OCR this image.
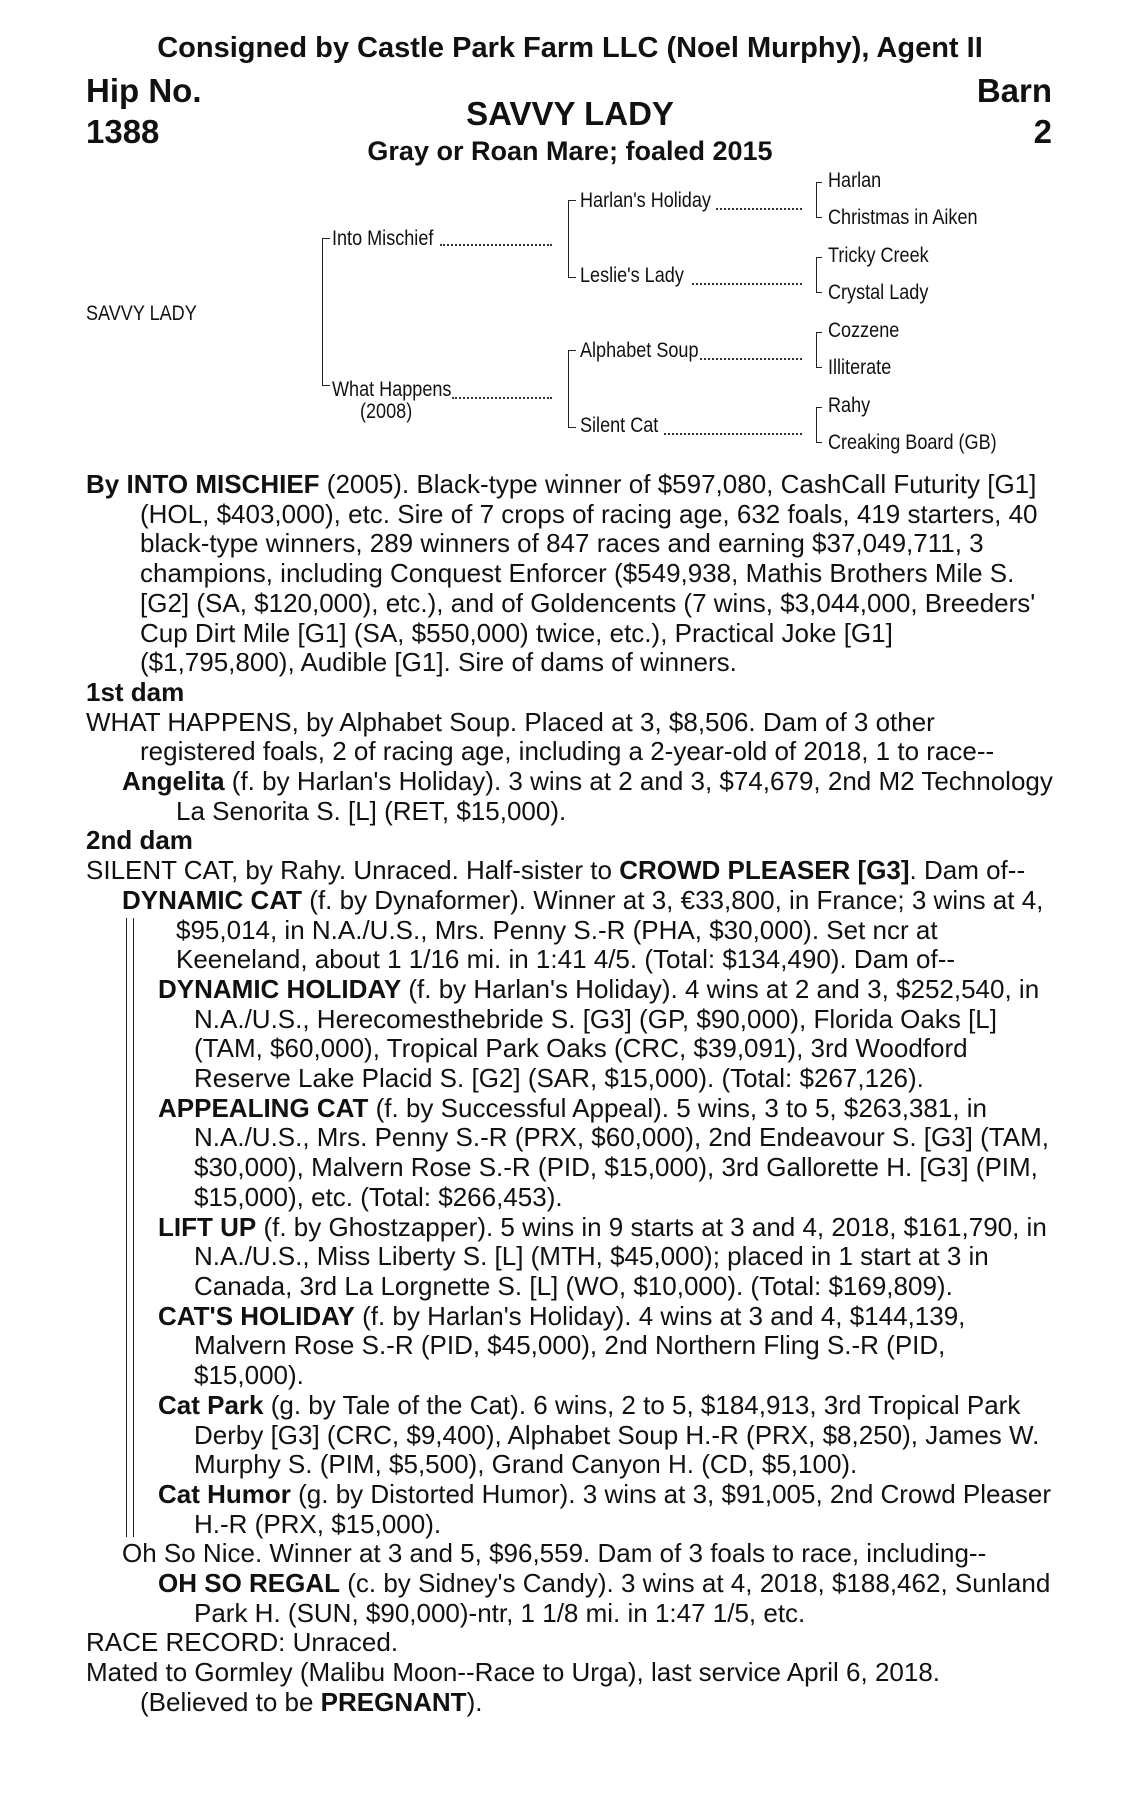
Consigned by Castle Park Farm LLC (Noel Murphy), Agent II
Hip No.
1388
Barn
2
SAVVY LADY
Gray or Roan Mare; foaled 2015
SAVVY LADY
Into Mischief
What Happens
(2008)
Harlan's Holiday
Leslie's Lady
Alphabet Soup
Silent Cat
Harlan
Christmas in Aiken
Tricky Creek
Crystal Lady
Cozzene
Illiterate
Rahy
Creaking Board (GB)

By INTO MISCHIEF (2005). Black-type winner of $597,080, CashCall Futurity [G1] (HOL, $403,000), etc. Sire of 7 crops of racing age, 632 foals, 419 starters, 40 black-type winners, 289 winners of 847 races and earning $37,049,711, 3 champions, including Conquest Enforcer ($549,938, Mathis Brothers Mile S. [G2] (SA, $120,000), etc.), and of Goldencents (7 wins, $3,044,000, Breeders' Cup Dirt Mile [G1] (SA, $550,000) twice, etc.), Practical Joke [G1] ($1,795,800), Audible [G1]. Sire of dams of winners.

1st dam

WHAT HAPPENS, by Alphabet Soup. Placed at 3, $8,506. Dam of 3 other registered foals, 2 of racing age, including a 2-year-old of 2018, 1 to race--

Angelita (f. by Harlan's Holiday). 3 wins at 2 and 3, $74,679, 2nd M2 Technology La Senorita S. [L] (RET, $15,000).

2nd dam

SILENT CAT, by Rahy. Unraced. Half-sister to CROWD PLEASER [G3]. Dam of--

DYNAMIC CAT (f. by Dynaformer). Winner at 3, €33,800, in France; 3 wins at 4, $95,014, in N.A./U.S., Mrs. Penny S.-R (PHA, $30,000). Set ncr at Keeneland, about 1 1/16 mi. in 1:41 4/5. (Total: $134,490). Dam of--

DYNAMIC HOLIDAY (f. by Harlan's Holiday). 4 wins at 2 and 3, $252,540, in N.A./U.S., Herecomesthebride S. [G3] (GP, $90,000), Florida Oaks [L] (TAM, $60,000), Tropical Park Oaks (CRC, $39,091), 3rd Woodford Reserve Lake Placid S. [G2] (SAR, $15,000). (Total: $267,126).

APPEALING CAT (f. by Successful Appeal). 5 wins, 3 to 5, $263,381, in N.A./U.S., Mrs. Penny S.-R (PRX, $60,000), 2nd Endeavour S. [G3] (TAM, $30,000), Malvern Rose S.-R (PID, $15,000), 3rd Gallorette H. [G3] (PIM, $15,000), etc. (Total: $266,453).

LIFT UP (f. by Ghostzapper). 5 wins in 9 starts at 3 and 4, 2018, $161,790, in N.A./U.S., Miss Liberty S. [L] (MTH, $45,000); placed in 1 start at 3 in Canada, 3rd La Lorgnette S. [L] (WO, $10,000). (Total: $169,809).

CAT'S HOLIDAY (f. by Harlan's Holiday). 4 wins at 3 and 4, $144,139, Malvern Rose S.-R (PID, $45,000), 2nd Northern Fling S.-R (PID, $15,000).

Cat Park (g. by Tale of the Cat). 6 wins, 2 to 5, $184,913, 3rd Tropical Park Derby [G3] (CRC, $9,400), Alphabet Soup H.-R (PRX, $8,250), James W. Murphy S. (PIM, $5,500), Grand Canyon H. (CD, $5,100).

Cat Humor (g. by Distorted Humor). 3 wins at 3, $91,005, 2nd Crowd Pleaser H.-R (PRX, $15,000).

Oh So Nice. Winner at 3 and 5, $96,559. Dam of 3 foals to race, including--

OH SO REGAL (c. by Sidney's Candy). 3 wins at 4, 2018, $188,462, Sunland Park H. (SUN, $90,000)-ntr, 1 1/8 mi. in 1:47 1/5, etc.

RACE RECORD: Unraced.

Mated to Gormley (Malibu Moon--Race to Urga), last service April 6, 2018. (Believed to be PREGNANT).
